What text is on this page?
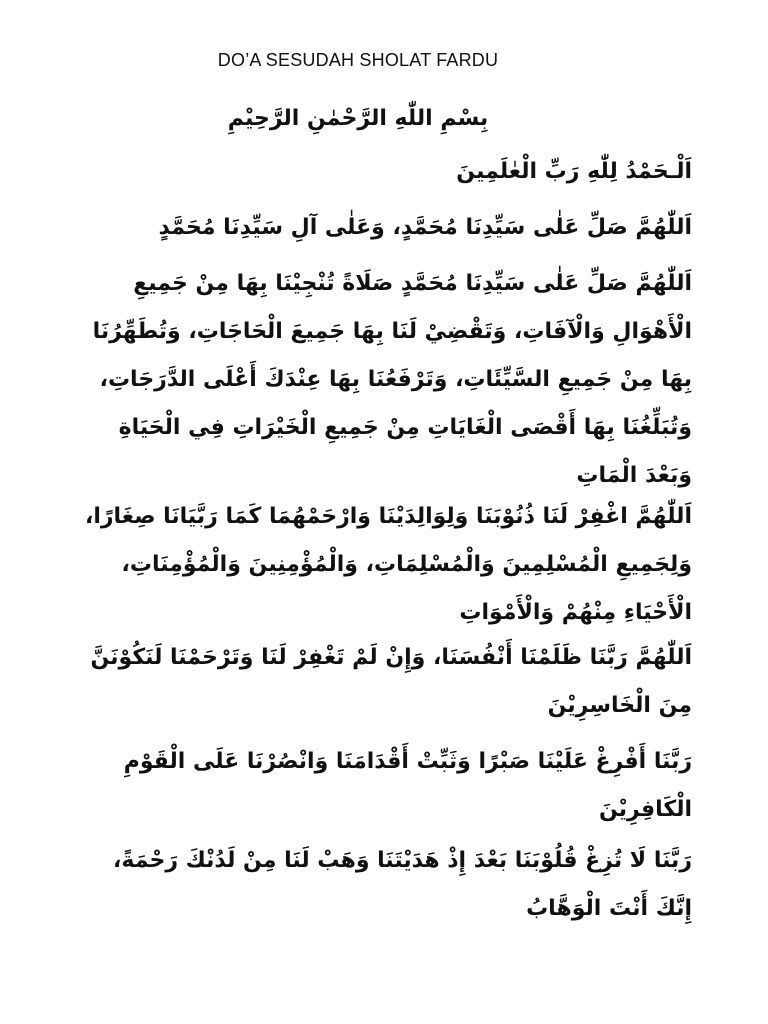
DO’A SESUDAH SHOLAT FARDU
بِسْمِ اللّٰهِ الرَّحْمٰنِ الرَّحِيْمِ
اَلْـحَمْدُ لِلّٰهِ رَبِّ الْعٰلَمِينَ
اَللّٰهُمَّ صَلِّ عَلٰى سَيِّدِنَا مُحَمَّدٍ، وَعَلٰى آلِ سَيِّدِنَا مُحَمَّدٍ
اَللّٰهُمَّ صَلِّ عَلٰى سَيِّدِنَا مُحَمَّدٍ صَلَاةً تُنْجِيْنَا بِهَا مِنْ جَمِيعِ
الْأَهْوَالِ وَالْآفَاتِ، وَتَقْضِيْ لَنَا بِهَا جَمِيعَ الْحَاجَاتِ، وَتُطَهِّرُنَا
بِهَا مِنْ جَمِيعِ السَّيِّئَاتِ، وَتَرْفَعُنَا بِهَا عِنْدَكَ أَعْلَى الدَّرَجَاتِ،
وَتُبَلِّغُنَا بِهَا أَقْصَى الْغَايَاتِ مِنْ جَمِيعِ الْخَيْرَاتِ فِي الْحَيَاةِ
وَبَعْدَ الْمَاتِ
اَللّٰهُمَّ اغْفِرْ لَنَا ذُنُوْبَنَا وَلِوَالِدَيْنَا وَارْحَمْهُمَا كَمَا رَبَّيَانَا صِغَارًا،
وَلِجَمِيعِ الْمُسْلِمِينَ وَالْمُسْلِمَاتِ، وَالْمُؤْمِنِينَ وَالْمُؤْمِنَاتِ،
الْأَحْيَاءِ مِنْهُمْ وَالْأَمْوَاتِ
اَللّٰهُمَّ رَبَّنَا ظَلَمْنَا أَنْفُسَنَا، وَإِنْ لَمْ تَغْفِرْ لَنَا وَتَرْحَمْنَا لَنَكُوْنَنَّ
مِنَ الْخَاسِرِيْنَ
رَبَّنَا أَفْرِغْ عَلَيْنَا صَبْرًا وَثَبِّتْ أَقْدَامَنَا وَانْصُرْنَا عَلَى الْقَوْمِ
الْكَافِرِيْنَ
رَبَّنَا لَا تُزِغْ قُلُوْبَنَا بَعْدَ إِذْ هَدَيْتَنَا وَهَبْ لَنَا مِنْ لَدُنْكَ رَحْمَةً،
إِنَّكَ أَنْتَ الْوَهَّابُ
